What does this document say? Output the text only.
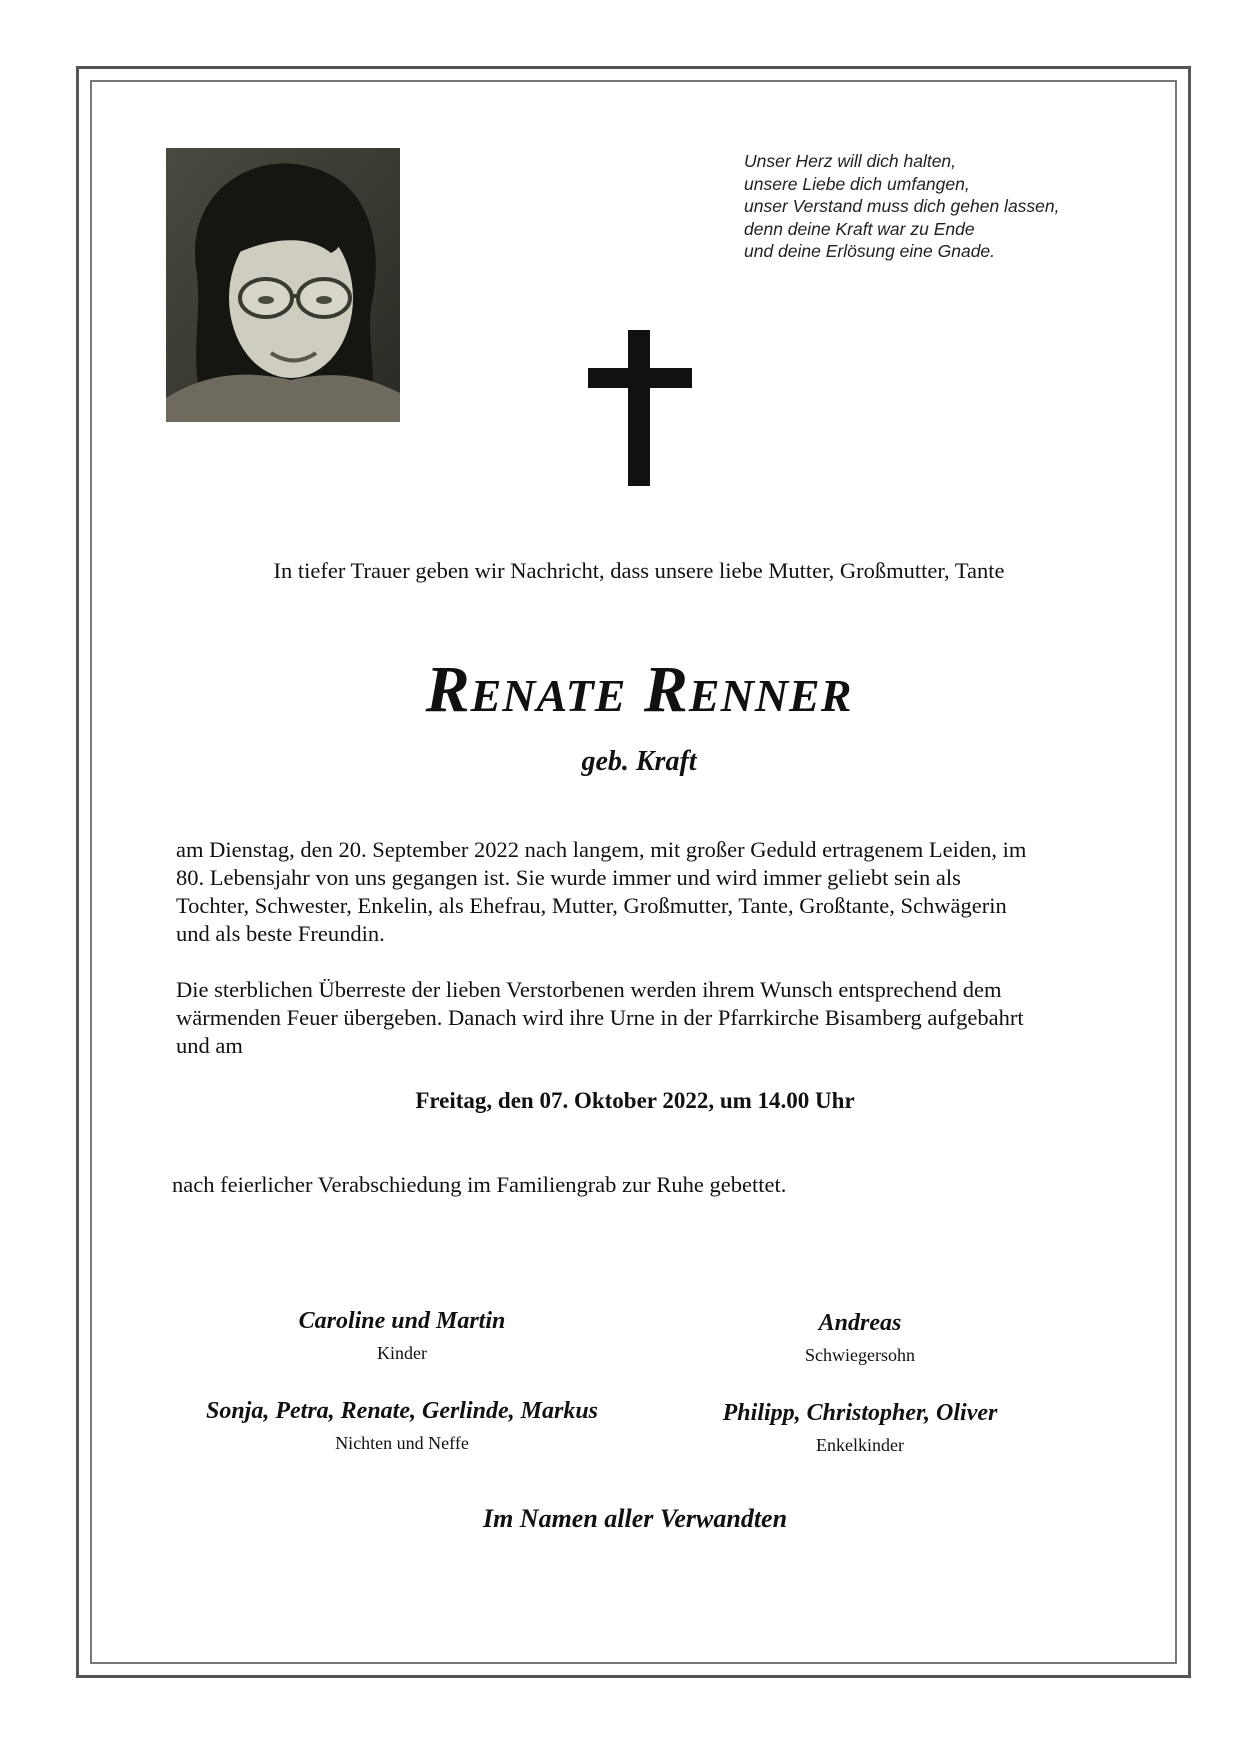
Unser Herz will dich halten,
unsere Liebe dich umfangen,
unser Verstand muss dich gehen lassen,
denn deine Kraft war zu Ende
und deine Erlösung eine Gnade.
In tiefer Trauer geben wir Nachricht, dass unsere liebe Mutter, Großmutter, Tante
Renate Renner
geb. Kraft
am Dienstag, den 20. September 2022 nach langem, mit großer Geduld ertragenem Leiden, im
80. Lebensjahr von uns gegangen ist. Sie wurde immer und wird immer geliebt sein als
Tochter, Schwester, Enkelin, als Ehefrau, Mutter, Großmutter, Tante, Großtante, Schwägerin
und als beste Freundin.
Die sterblichen Überreste der lieben Verstorbenen werden ihrem Wunsch entsprechend dem
wärmenden Feuer übergeben. Danach wird ihre Urne in der Pfarrkirche Bisamberg aufgebahrt
und am
Freitag, den 07. Oktober 2022, um 14.00 Uhr
nach feierlicher Verabschiedung im Familiengrab zur Ruhe gebettet.
Caroline und Martin
Kinder
Andreas
Schwiegersohn
Sonja, Petra, Renate, Gerlinde, Markus
Nichten und Neffe
Philipp, Christopher, Oliver
Enkelkinder
Im Namen aller Verwandten
